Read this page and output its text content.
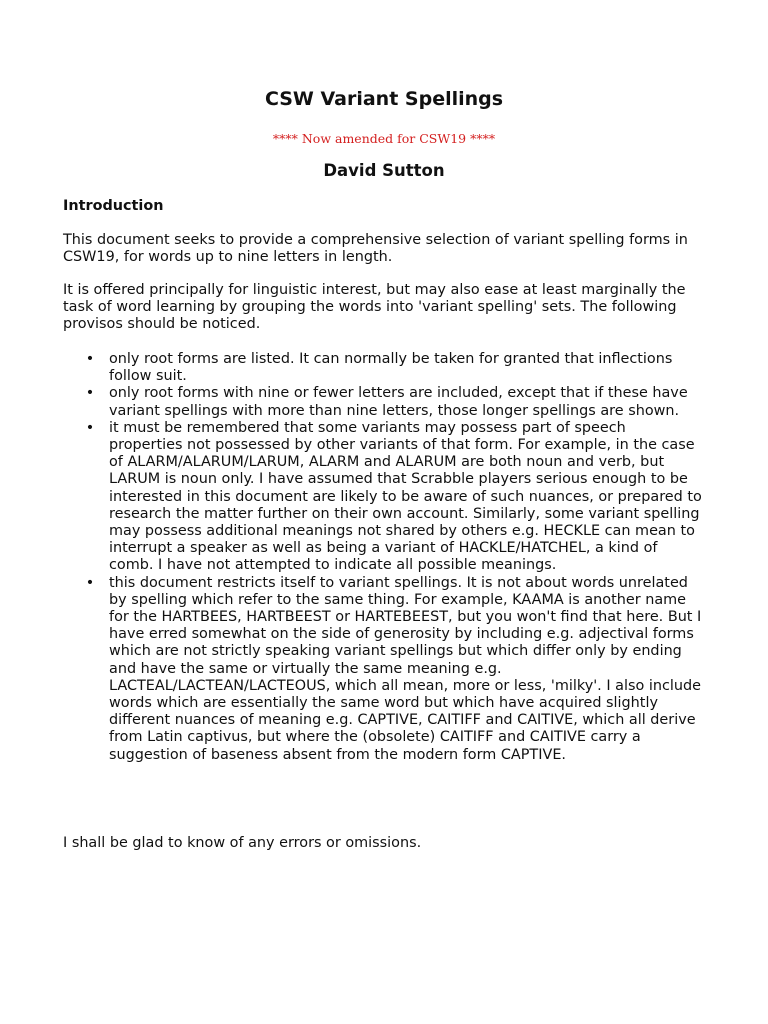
CSW Variant Spellings

**** Now amended for CSW19 ****

David Sutton

Introduction

This document seeks to provide a comprehensive selection of variant spelling forms in CSW19, for words up to nine letters in length.

It is offered principally for linguistic interest, but may also ease at least marginally the task of word learning by grouping the words into 'variant spelling' sets. The following provisos should be noticed.

• only root forms are listed. It can normally be taken for granted that inflections follow suit.
• only root forms with nine or fewer letters are included, except that if these have variant spellings with more than nine letters, those longer spellings are shown.
• it must be remembered that some variants may possess part of speech properties not possessed by other variants of that form. For example, in the case of ALARM/ALARUM/LARUM, ALARM and ALARUM are both noun and verb, but LARUM is noun only. I have assumed that Scrabble players serious enough to be interested in this document are likely to be aware of such nuances, or prepared to research the matter further on their own account. Similarly, some variant spelling may possess additional meanings not shared by others e.g. HECKLE can mean to interrupt a speaker as well as being a variant of HACKLE/HATCHEL, a kind of comb. I have not attempted to indicate all possible meanings.
• this document restricts itself to variant spellings. It is not about words unrelated by spelling which refer to the same thing. For example, KAAMA is another name for the HARTBEES, HARTBEEST or HARTEBEEST, but you won't find that here. But I have erred somewhat on the side of generosity by including e.g. adjectival forms which are not strictly speaking variant spellings but which differ only by ending and have the same or virtually the same meaning e.g. LACTEAL/LACTEAN/LACTEOUS, which all mean, more or less, 'milky'. I also include words which are essentially the same word but which have acquired slightly different nuances of meaning e.g. CAPTIVE, CAITIFF and CAITIVE, which all derive from Latin captivus, but where the (obsolete) CAITIFF and CAITIVE carry a suggestion of baseness absent from the modern form CAPTIVE.

I shall be glad to know of any errors or omissions.
